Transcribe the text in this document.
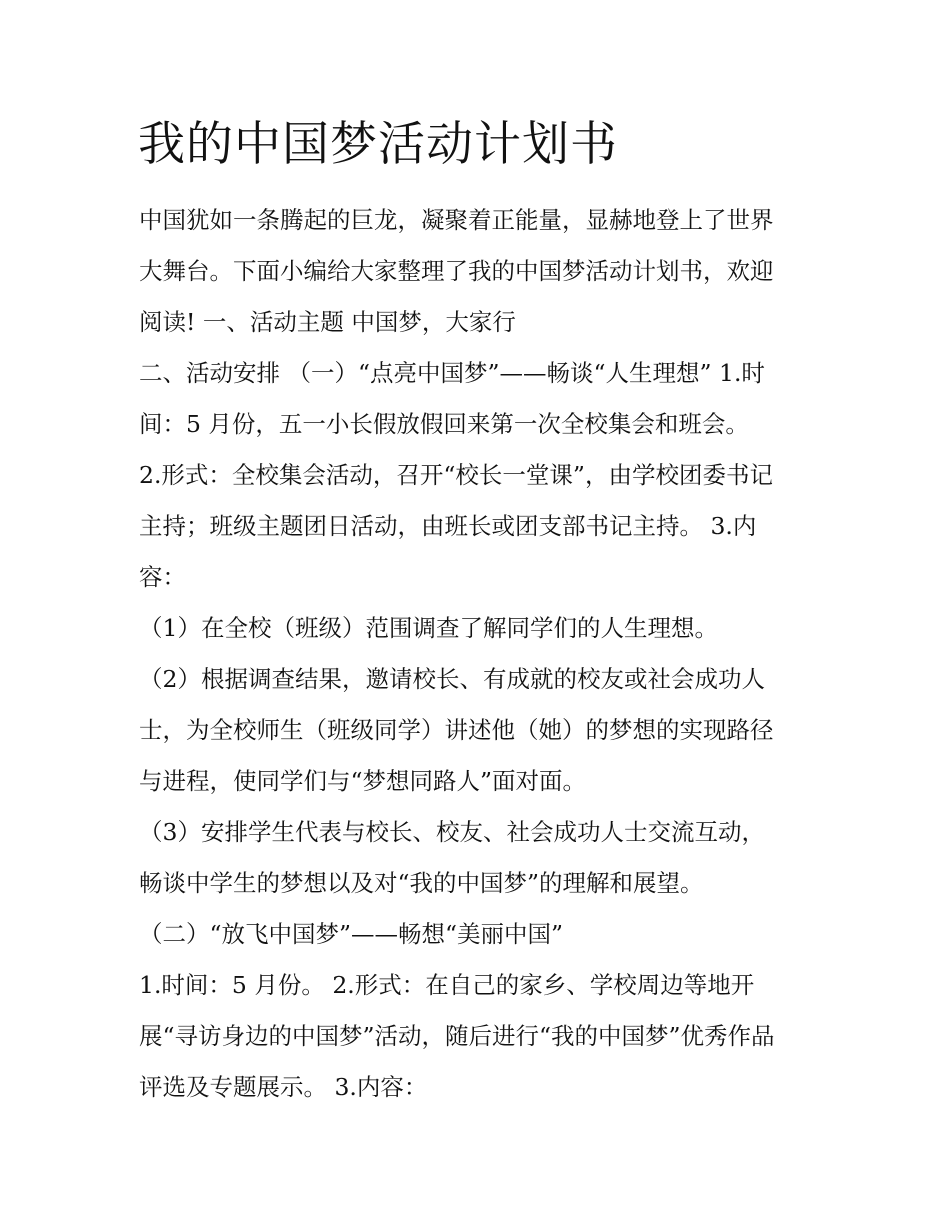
我的中国梦活动计划书

中国犹如一条腾起的巨龙，凝聚着正能量，显赫地登上了世界

大舞台。下面小编给大家整理了我的中国梦活动计划书，欢迎

阅读! 一、活动主题 中国梦，大家行

二、活动安排 （一）“点亮中国梦”——畅谈“人生理想” 1.时

间：5 月份，五一小长假放假回来第一次全校集会和班会。

2.形式：全校集会活动，召开“校长一堂课”，由学校团委书记

主持；班级主题团日活动，由班长或团支部书记主持。 3.内

容：

（1）在全校（班级）范围调查了解同学们的人生理想。

（2）根据调查结果，邀请校长、有成就的校友或社会成功人

士，为全校师生（班级同学）讲述他（她）的梦想的实现路径

与进程，使同学们与“梦想同路人”面对面。

（3）安排学生代表与校长、校友、社会成功人士交流互动，

畅谈中学生的梦想以及对“我的中国梦”的理解和展望。

（二）“放飞中国梦”——畅想“美丽中国”

1.时间：5 月份。 2.形式：在自己的家乡、学校周边等地开

展“寻访身边的中国梦”活动，随后进行“我的中国梦”优秀作品

评选及专题展示。 3.内容：
